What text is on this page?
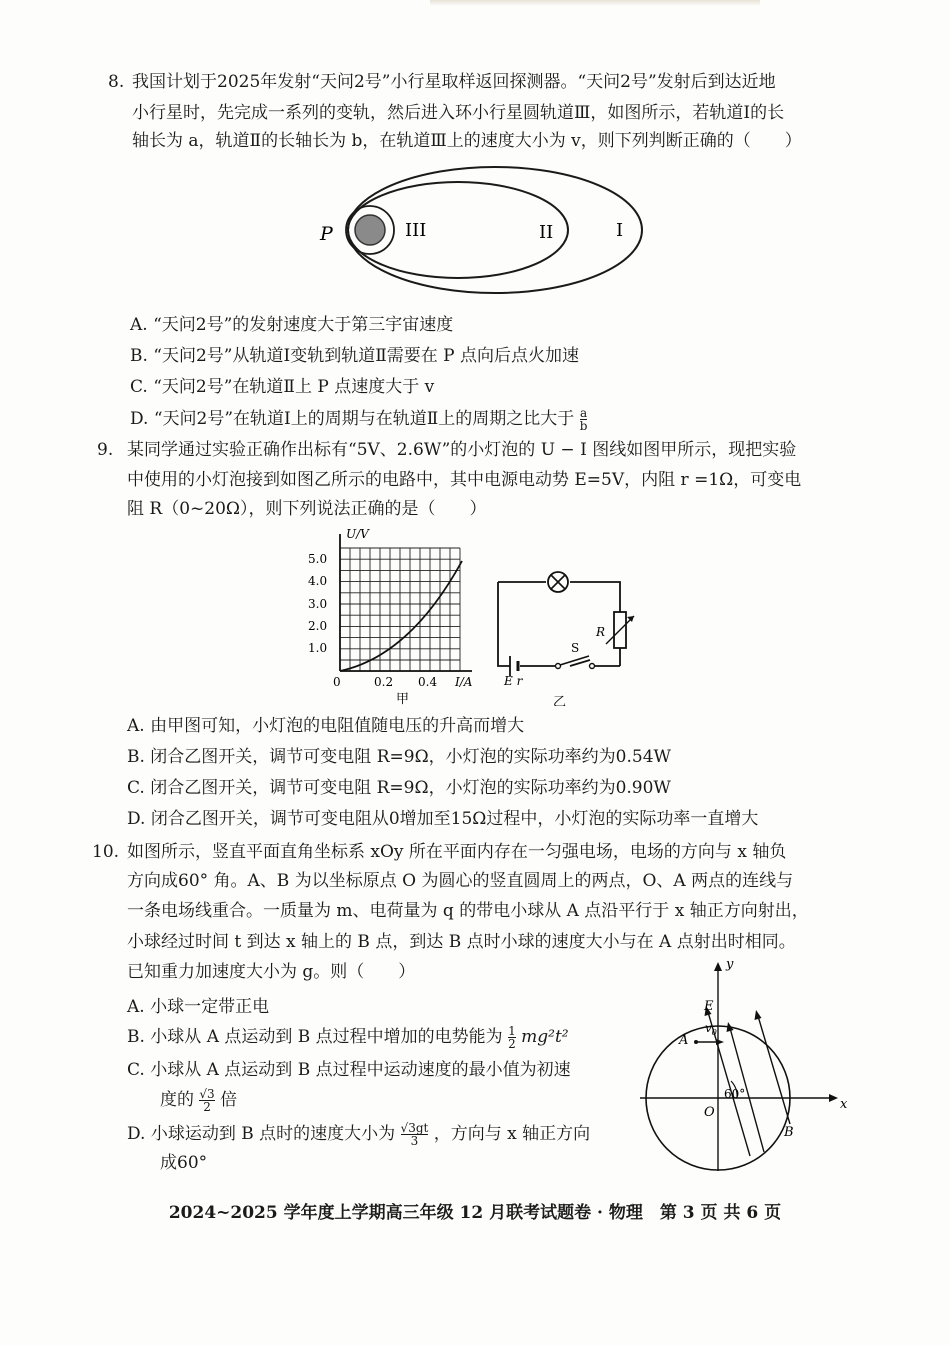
8. 我国计划于2025年发射“天问2号”小行星取样返回探测器。“天问2号”发射后到达近地
小行星时，先完成一系列的变轨，然后进入环小行星圆轨道Ⅲ，如图所示，若轨道Ⅰ的长
轴长为 a，轨道Ⅱ的长轴长为 b，在轨道Ⅲ上的速度大小为 v，则下列判断正确的（　　）
P	III	II	I
A. “天问2号”的发射速度大于第三宇宙速度
B. “天问2号”从轨道Ⅰ变轨到轨道Ⅱ需要在 P 点向后点火加速
C. “天问2号”在轨道Ⅱ上 P 点速度大于 v
D. “天问2号”在轨道Ⅰ上的周期与在轨道Ⅱ上的周期之比大于 $\frac{a}{b}$
9. 某同学通过实验正确作出标有“5V、2.6W”的小灯泡的 U − I 图线如图甲所示，现把实验
中使用的小灯泡接到如图乙所示的电路中，其中电源电动势 E=5V，内阻 r =1Ω，可变电
阻 R（0~20Ω），则下列说法正确的是（　　）
U/V
5.0
4.0
3.0
2.0
1.0
0	0.2 0.4 I/A
甲
R
S
E r
乙
A. 由甲图可知，小灯泡的电阻值随电压的升高而增大
B. 闭合乙图开关，调节可变电阻 R=9Ω，小灯泡的实际功率约为0.54W
C. 闭合乙图开关，调节可变电阻 R=9Ω，小灯泡的实际功率约为0.90W
D. 闭合乙图开关，调节可变电阻从0增加至15Ω过程中，小灯泡的实际功率一直增大
10. 如图所示，竖直平面直角坐标系 xOy 所在平面内存在一匀强电场，电场的方向与 x 轴负
方向成60° 角。A、B 为以坐标原点 O 为圆心的竖直圆周上的两点，O、A 两点的连线与
一条电场线重合。一质量为 m、电荷量为 q 的带电小球从 A 点沿平行于 x 轴正方向射出，
小球经过时间 t 到达 x 轴上的 B 点，到达 B 点时小球的速度大小与在 A 点射出时相同。
已知重力加速度大小为 g。则（　　）
A. 小球一定带正电
B. 小球从 A 点运动到 B 点过程中增加的电势能为 $\frac{1}{2} mg^2t^2$
C. 小球从 A 点运动到 B 点过程中运动速度的最小值为初速
度的 $\frac{√3}{2}$ 倍
D. 小球运动到 B 点时的速度大小为 $\frac{√3gt}{3}$ ，方向与 x 轴正方向
成60°
y
x
E
$v_0$
A
O
B
60°
2024~2025 学年度上学期高三年级 12 月联考试题卷 · 物理　第 3 页 共 6 页
